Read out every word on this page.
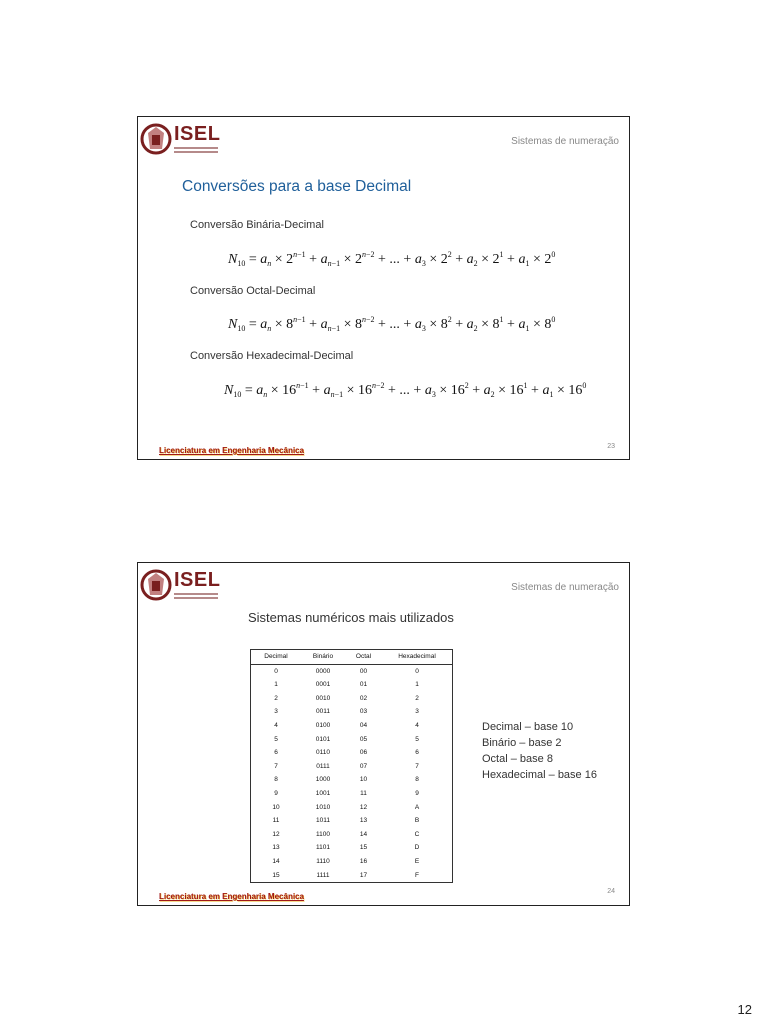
ISEL	Sistemas de numeração
Conversões para a base Decimal
Conversão Binária-Decimal
$N_{10} = a_n \times 2^{n-1} + a_{n-1} \times 2^{n-2}$ + ... + $a_3 \times 2^2 + a_2 \times 2^1 + a_1 \times 2^0$
Conversão Octal-Decimal
$N_{10} = a_n \times 8^{n-1} + a_{n-1} \times 8^{n-2}$ + ... + $a_3 \times 8^2 + a_2 \times 8^1 + a_1 \times 8^0$
Conversão Hexadecimal-Decimal
$N_{10} = a_n \times 16^{n-1} + a_{n-1} \times 16^{n-2}$ + ... + $a_3 \times 16^2 + a_2 \times 16^1 + a_1 \times 16^0$
23
Licenciatura em Engenharia Mecânica
ISEL	Sistemas de numeração
Sistemas numéricos mais utilizados
Decimal	Binário	Octal	Hexadecimal
0	0000	00	0
1	0001	01	1
2	0010	02	2
3	0011	03	3
4	0100	04	4
5	0101	05	5
6	0110	06	6
7	0111	07	7
8	1000	10	8
9	1001	11	9
10	1010	12	A
11	1011	13	B
12	1100	14	C
13	1101	15	D
14	1110	16	E
15	1111	17	F
Decimal – base 10
Binário – base 2
Octal – base 8
Hexadecimal – base 16
24
Licenciatura em Engenharia Mecânica
12
